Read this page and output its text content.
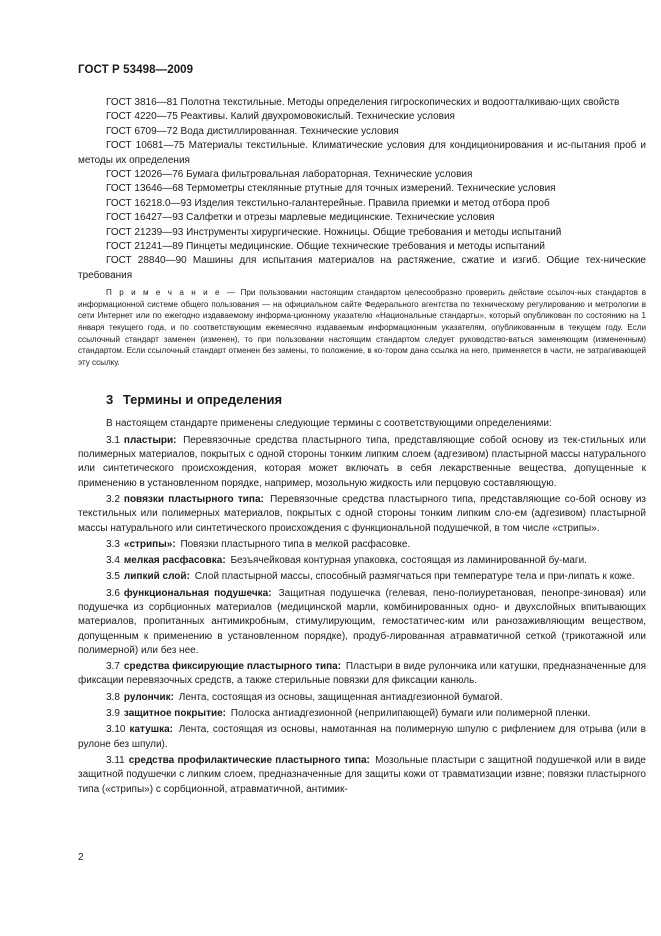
ГОСТ Р 53498—2009

ГОСТ 3816—81 Полотна текстильные. Методы определения гигроскопических и водоотталкиваю-щих свойств

ГОСТ 4220—75 Реактивы. Калий двухромовокислый. Технические условия

ГОСТ 6709—72 Вода дистиллированная. Технические условия

ГОСТ 10681—75 Материалы текстильные. Климатические условия для кондиционирования и ис-пытания проб и методы их определения

ГОСТ 12026—76 Бумага фильтровальная лабораторная. Технические условия

ГОСТ 13646—68 Термометры стеклянные ртутные для точных измерений. Технические условия

ГОСТ 16218.0—93 Изделия текстильно-галантерейные. Правила приемки и метод отбора проб

ГОСТ 16427—93 Салфетки и отрезы марлевые медицинские. Технические условия

ГОСТ 21239—93 Инструменты хирургические. Ножницы. Общие требования и методы испытаний

ГОСТ 21241—89 Пинцеты медицинские. Общие технические требования и методы испытаний

ГОСТ 28840—90 Машины для испытания материалов на растяжение, сжатие и изгиб. Общие тех-нические требования

П р и м е ч а н и е — При пользовании настоящим стандартом целесообразно проверить действие ссылоч-ных стандартов в информационной системе общего пользования — на официальном сайте Федерального агентства по техническому регулированию и метрологии в сети Интернет или по ежегодно издаваемому информа-ционному указателю «Национальные стандарты», который опубликован по состоянию на 1 января текущего года, и по соответствующим ежемесячно издаваемым информационным указателям, опубликованным в текущем году. Если ссылочный стандарт заменен (изменен), то при пользовании настоящим стандартом следует руководство-ваться заменяющим (измененным) стандартом. Если ссылочный стандарт отменен без замены, то положение, в ко-тором дана ссылка на него, применяется в части, не затрагивающей эту ссылку.

3 Термины и определения

В настоящем стандарте применены следующие термины с соответствующими определениями:

3.1 пластыри: Перевязочные средства пластырного типа, представляющие собой основу из тек-стильных или полимерных материалов, покрытых с одной стороны тонким липким слоем (адгезивом) пластырной массы натурального или синтетического происхождения, которая может включать в себя лекарственные вещества, допущенные к применению в установленном порядке, например, мозольную жидкость или перцовую составляющую.

3.2 повязки пластырного типа: Перевязочные средства пластырного типа, представляющие со-бой основу из текстильных или полимерных материалов, покрытых с одной стороны тонким липким сло-ем (адгезивом) пластырной массы натурального или синтетического происхождения с функциональной подушечкой, в том числе «стрипы».

3.3 «стрипы»: Повязки пластырного типа в мелкой расфасовке.

3.4 мелкая расфасовка: Безъячейковая контурная упаковка, состоящая из ламинированной бу-маги.

3.5 липкий слой: Слой пластырной массы, способный размягчаться при температуре тела и при-липать к коже.

3.6 функциональная подушечка: Защитная подушечка (гелевая, пено-полиуретановая, пенопре-зиновая) или подушечка из сорбционных материалов (медицинской марли, комбинированных одно- и двухслойных впитывающих материалов, пропитанных антимикробным, стимулирующим, гемостатичес-ким или ранозаживляющим веществом, допущенным к применению в установленном порядке), продуб-лированная атравматичной сеткой (трикотажной или полимерной) или без нее.

3.7 средства фиксирующие пластырного типа: Пластыри в виде рулончика или катушки, предназначенные для фиксации перевязочных средств, а также стерильные повязки для фиксации канюль.

3.8 рулончик: Лента, состоящая из основы, защищенная антиадгезионной бумагой.

3.9 защитное покрытие: Полоска антиадгезионной (неприлипающей) бумаги или полимерной пленки.

3.10 катушка: Лента, состоящая из основы, намотанная на полимерную шпулю с рифлением для отрыва (или в рулоне без шпули).

3.11 средства профилактические пластырного типа: Мозольные пластыри с защитной подушечкой или в виде защитной подушечки с липким слоем, предназначенные для защиты кожи от травматизации извне; повязки пластырного типа («стрипы») с сорбционной, атравматичной, антимик-

2
